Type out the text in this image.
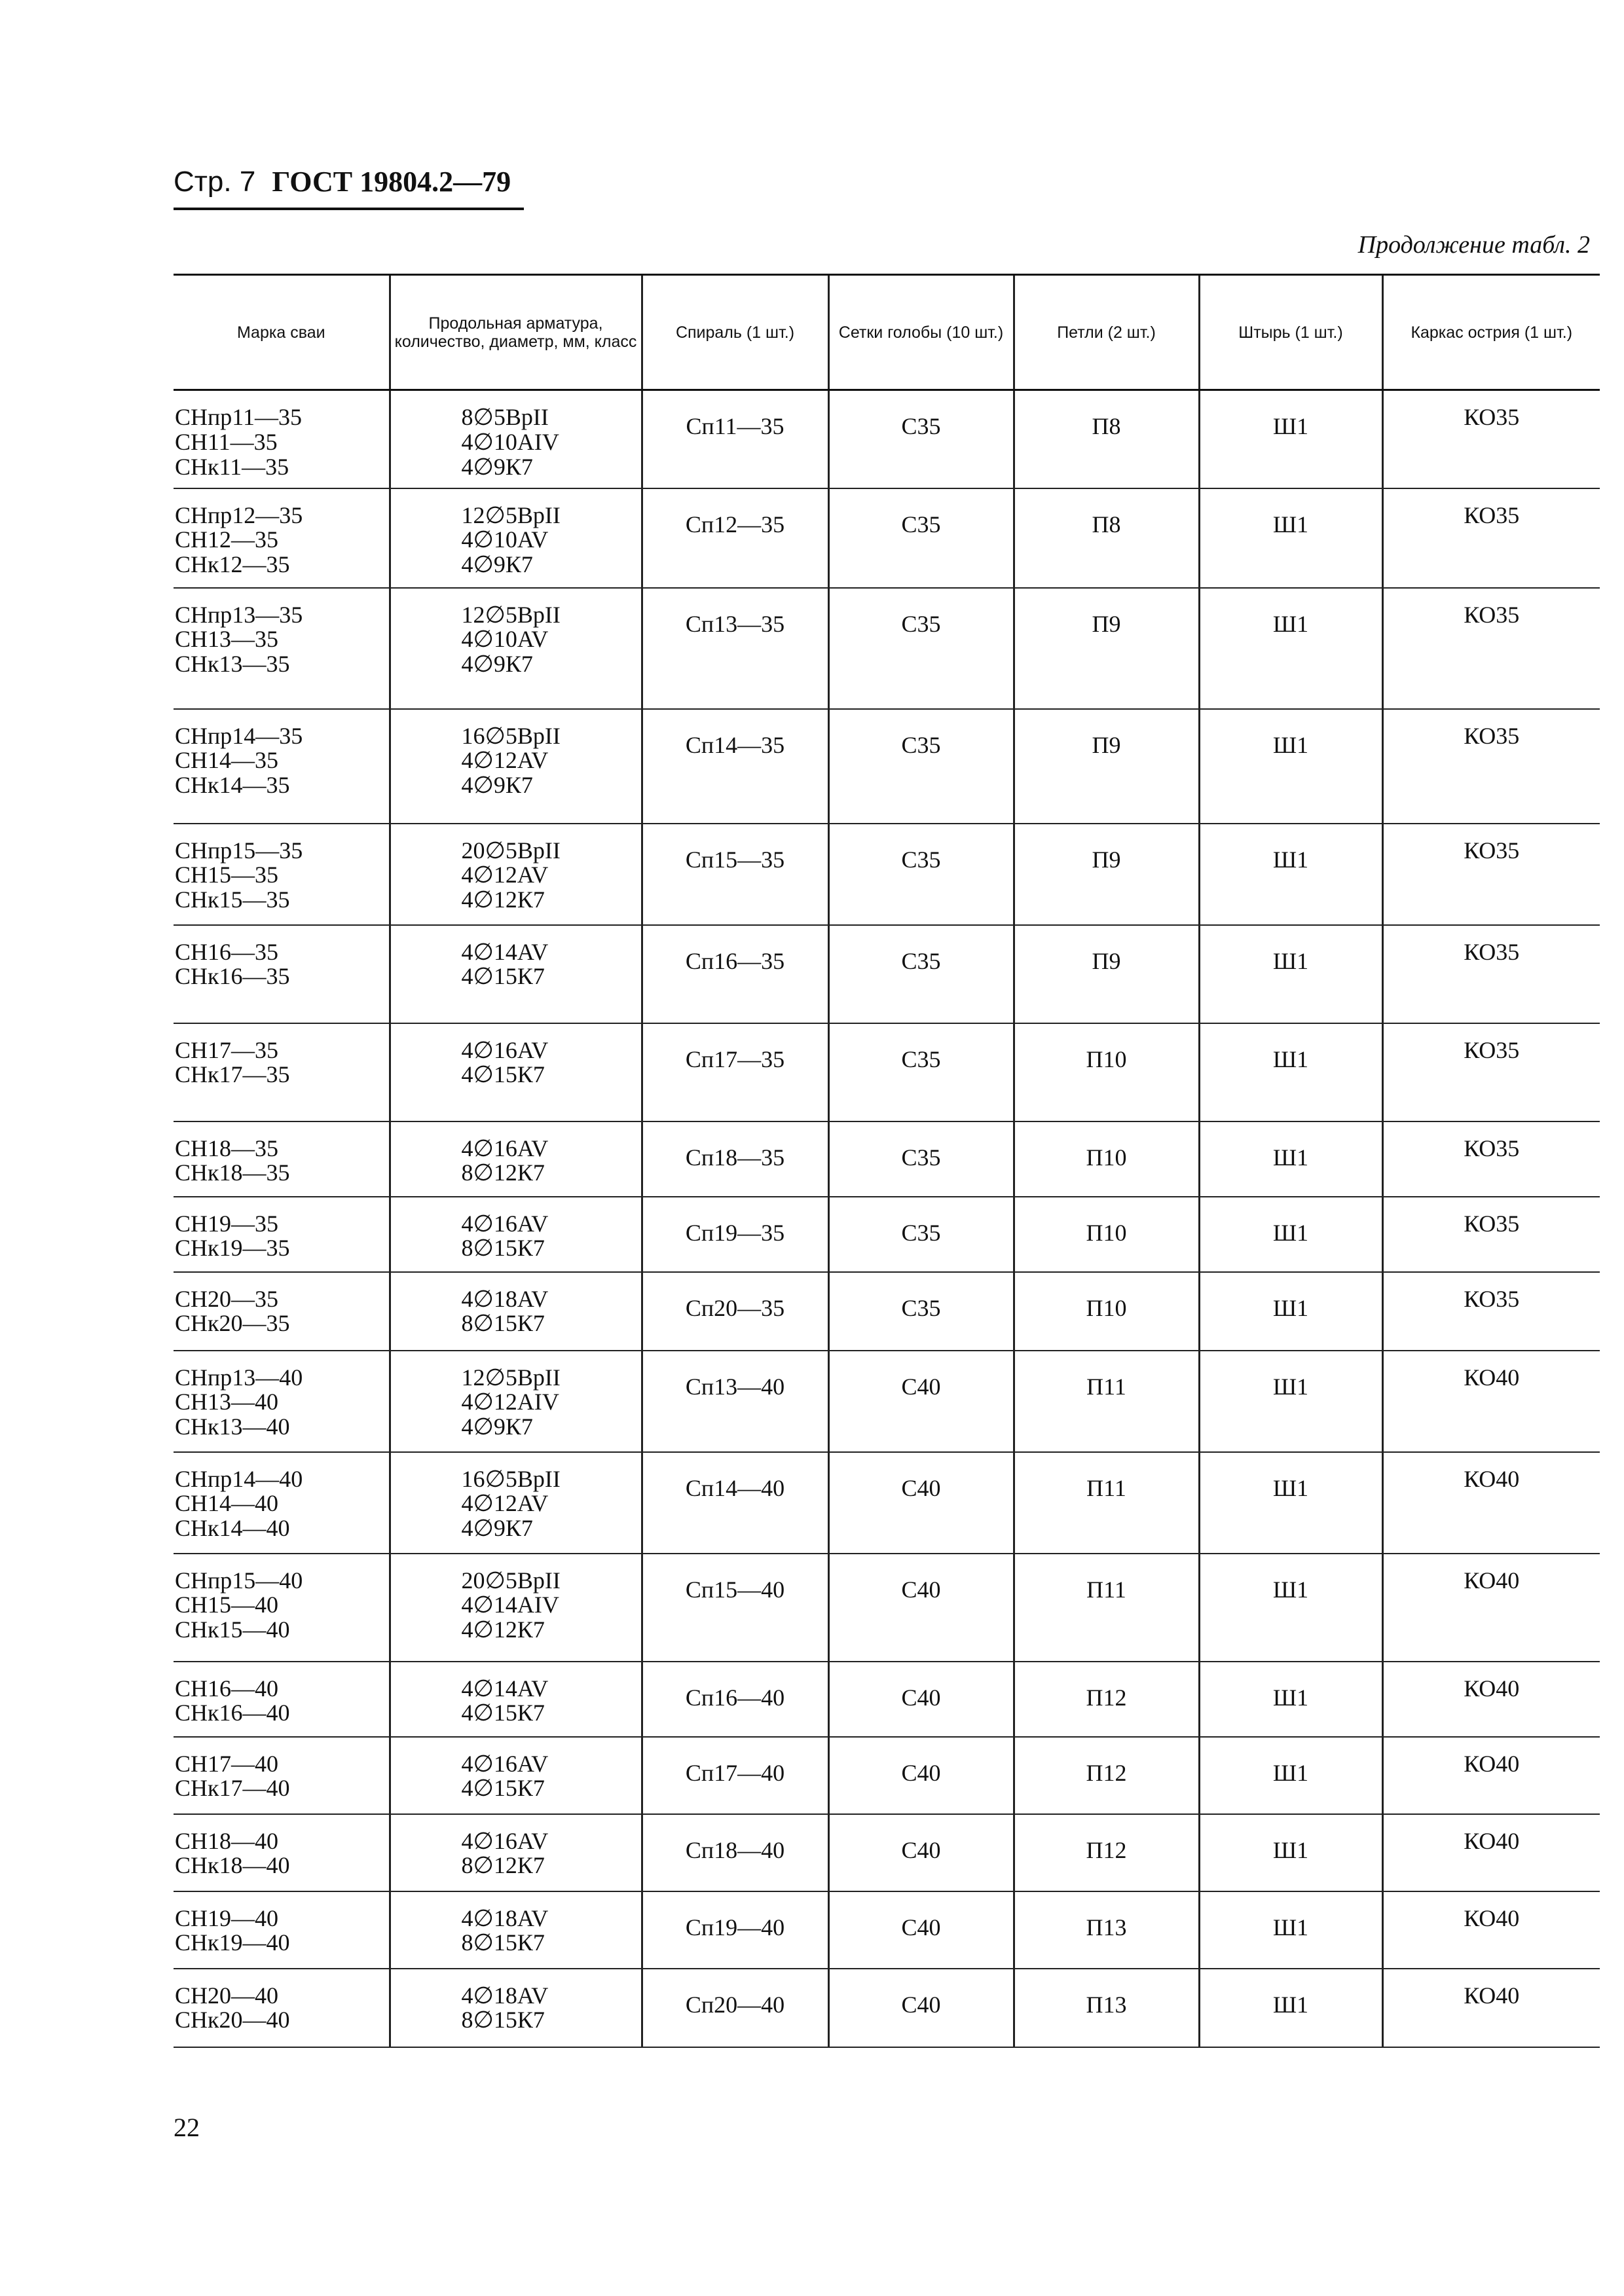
Стр. 7 ГОСТ 19804.2—79
Продолжение табл. 2
Марка сваи	Продольная арматура, количество, диаметр, мм, класс	Спираль (1 шт.)	Сетки голобы (10 шт.)	Петли (2 шт.)	Штырь (1 шт.)	Каркас острия (1 шт.)

СНпр11—35
СН11—35
СНк11—35	8∅5ВрII
4∅10AIV
4∅9К7	Сп11—35	С35	П8	Ш1	КО35

СНпр12—35
СН12—35
СНк12—35	12∅5ВрII
4∅10AV
4∅9К7	Сп12—35	С35	П8	Ш1	КО35

СНпр13—35
СН13—35
СНк13—35	12∅5ВрII
4∅10AV
4∅9К7	Сп13—35	С35	П9	Ш1	КО35

СНпр14—35
СН14—35
СНк14—35	16∅5ВрII
4∅12AV
4∅9К7	Сп14—35	С35	П9	Ш1	КО35

СНпр15—35
СН15—35
СНк15—35	20∅5ВрII
4∅12AV
4∅12К7	Сп15—35	С35	П9	Ш1	КО35

СН16—35
СНк16—35	4∅14AV
4∅15К7	Сп16—35	С35	П9	Ш1	КО35

СН17—35
СНк17—35	4∅16AV
4∅15К7	Сп17—35	С35	П10	Ш1	КО35

СН18—35
СНк18—35	4∅16AV
8∅12К7	Сп18—35	С35	П10	Ш1	КО35

СН19—35
СНк19—35	4∅16AV
8∅15К7	Сп19—35	С35	П10	Ш1	КО35

СН20—35
СНк20—35	4∅18AV
8∅15К7	Сп20—35	С35	П10	Ш1	КО35

СНпр13—40
СН13—40
СНк13—40	12∅5ВрII
4∅12AIV
4∅9К7	Сп13—40	С40	П11	Ш1	КО40

СНпр14—40
СН14—40
СНк14—40	16∅5ВрII
4∅12AV
4∅9К7	Сп14—40	С40	П11	Ш1	КО40

СНпр15—40
СН15—40
СНк15—40	20∅5ВрII
4∅14AIV
4∅12К7	Сп15—40	С40	П11	Ш1	КО40

СН16—40
СНк16—40	4∅14AV
4∅15К7	Сп16—40	С40	П12	Ш1	КО40

СН17—40
СНк17—40	4∅16AV
4∅15К7	Сп17—40	С40	П12	Ш1	КО40

СН18—40
СНк18—40	4∅16AV
8∅12К7	Сп18—40	С40	П12	Ш1	КО40

СН19—40
СНк19—40	4∅18AV
8∅15К7	Сп19—40	С40	П13	Ш1	КО40

СН20—40
СНк20—40	4∅18AV
8∅15К7	Сп20—40	С40	П13	Ш1	КО40
22
